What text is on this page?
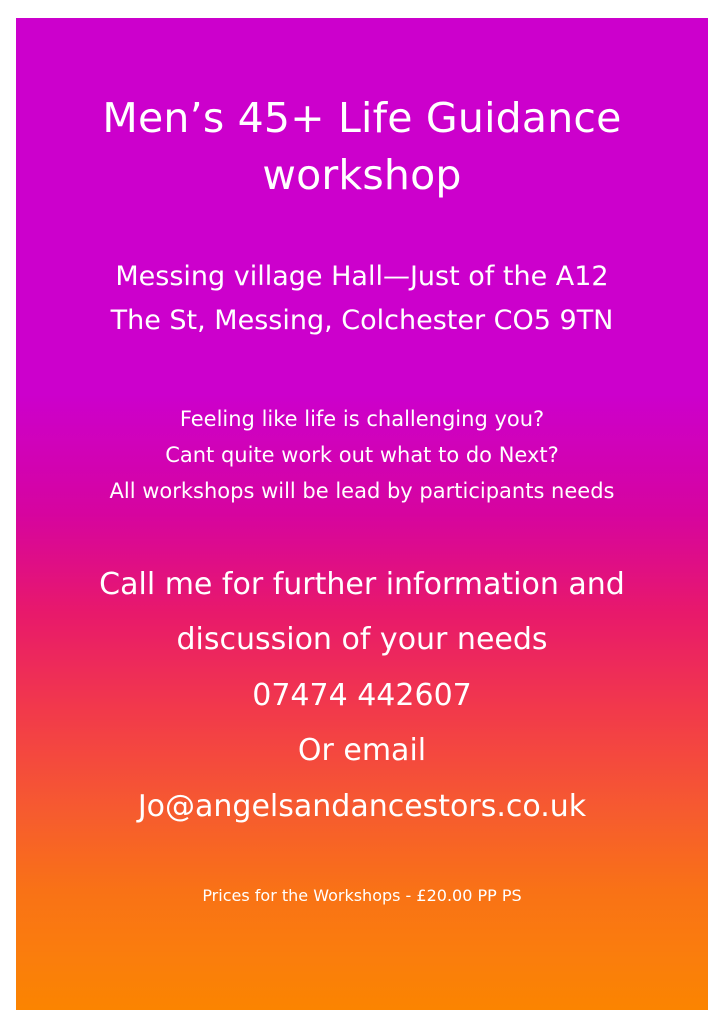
Men’s 45+ Life Guidance workshop
Messing village Hall—Just of the A12
The St, Messing, Colchester CO5 9TN
Feeling like life is challenging you?
Cant quite work out what to do Next?
All workshops will be lead by participants needs
Call me for further information and
discussion of your needs
07474 442607
Or email
Jo@angelsandancestors.co.uk
Prices for the Workshops - £20.00 PP PS
